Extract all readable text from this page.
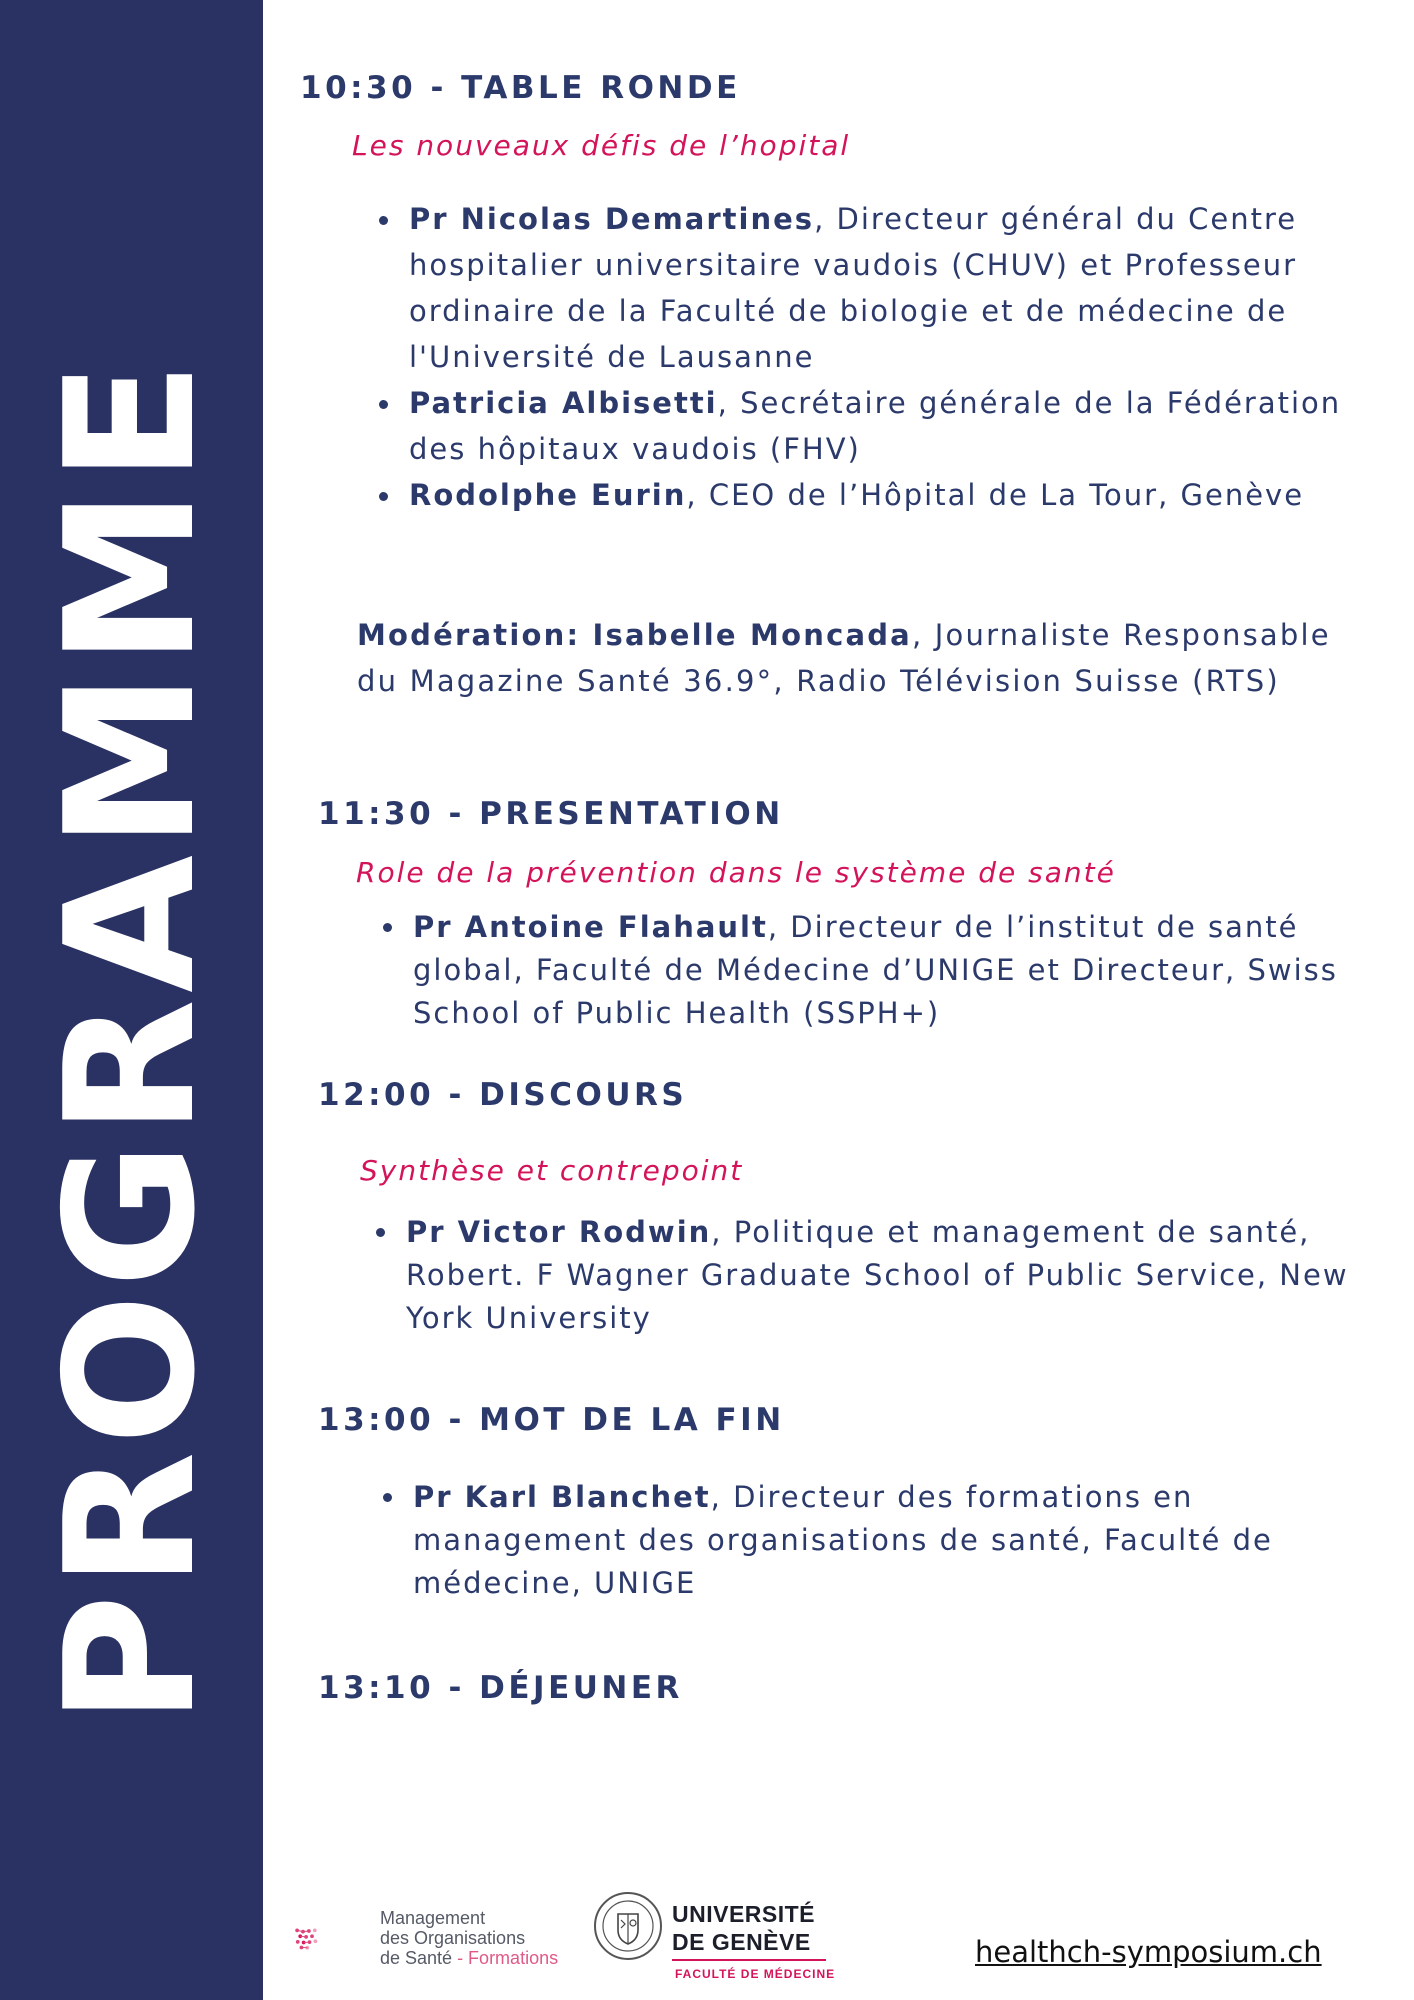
PROGRAMME
10:30 - TABLE RONDE
Les nouveaux défis de l’hopital
Pr Nicolas Demartines, Directeur général du Centre hospitalier universitaire vaudois (CHUV) et Professeur ordinaire de la Faculté de biologie et de médecine de l'Université de Lausanne
Patricia Albisetti, Secrétaire générale de la Fédération des hôpitaux vaudois (FHV)
Rodolphe Eurin, CEO de l’Hôpital de La Tour, Genève
Modération: Isabelle Moncada, Journaliste Responsable du Magazine Santé 36.9°, Radio Télévision Suisse (RTS)
11:30 - PRESENTATION
Role de la prévention dans le système de santé
Pr Antoine Flahault, Directeur de l’institut de santé global, Faculté de Médecine d’UNIGE et Directeur, Swiss School of Public Health (SSPH+)
12:00 - DISCOURS
Synthèse et contrepoint
Pr Victor Rodwin, Politique et management de santé, Robert. F Wagner Graduate School of Public Service, New York University
13:00 - MOT DE LA FIN
Pr Karl Blanchet, Directeur des formations en management des organisations de santé, Faculté de médecine, UNIGE
13:10 - DÉJEUNER
Management
des Organisations
de Santé - Formations
UNIVERSITÉ
DE GENÈVE
FACULTÉ DE MÉDECINE
healthch-symposium.ch
